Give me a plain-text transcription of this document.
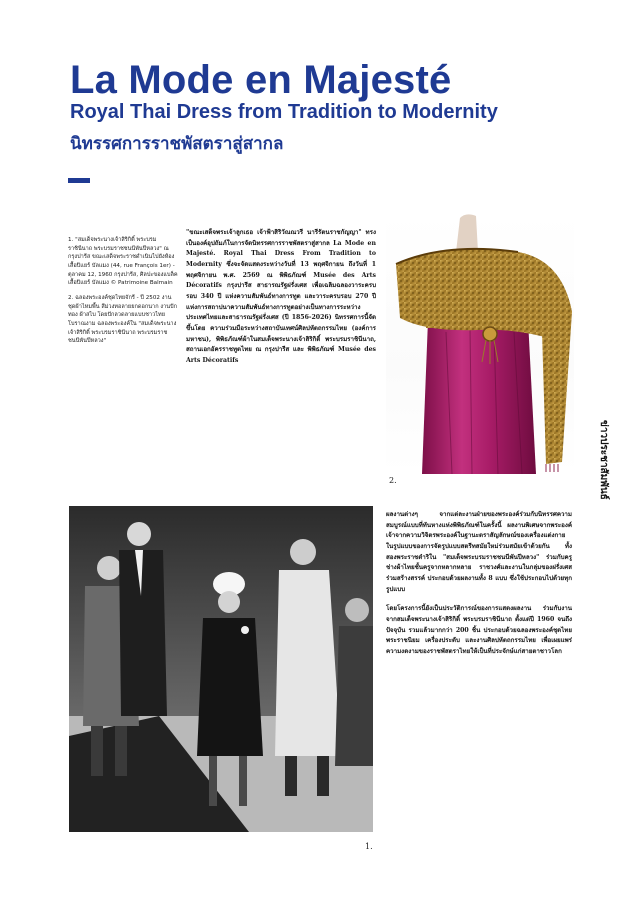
La Mode en Majesté
Royal Thai Dress from Tradition to Modernity
นิทรรศการราชพัสตราสู่สากล

1. "สมเด็จพระนางเจ้าสิริกิติ์ พระบรมราชินีนาถ พระบรมราชชนนีพันปีหลวง" ณ กรุงปารีส ขณะเสด็จพระราชดำเนินไปยังห้องเสื้อปิแยร์ บัลแมง (44, rue François 1er) - ตุลาคม 12, 1960 กรุงปารีส, ศิลปะของแบล็คเสื้อปิแยร์ บัลแมง © Patrimoine Balmain

2. ฉลองพระองค์ชุดไทยจักรี - ปี 2502 งานชุดผ้าไหมพื้น สีม่วงทอลายยกดอกนาก งานปักทอง ผ้าสไบ โดยปักลวดลายแบบชาวไทยโบราณงาม ฉลองพระองค์ใน "สมเด็จพระนางเจ้าสิริกิติ์ พระบรมราชินีนาถ พระบรมราชชนนีพันปีหลวง"

"ขณะเสด็จพระเจ้าลูกเธอ เจ้าฟ้าสิริวัณณวรี นารีรัตนราชกัญญา" ทรงเป็นองค์อุปถัมภ์ในการจัดนิทรรศการราชพัสตราสู่สากล La Mode en Majesté. Royal Thai Dress From Tradition to Modernity ซึ่งจะจัดแสดงระหว่างวันที่ 13 พฤศจิกายน ถึงวันที่ 1 พฤศจิกายน พ.ศ. 2569 ณ พิพิธภัณฑ์ Musée des Arts Décoratifs กรุงปารีส สาธารณรัฐฝรั่งเศส เพื่อเฉลิมฉลองวาระครบรอบ 340 ปี แห่งความสัมพันธ์ทางการทูต และวาระครบรอบ 270 ปี แห่งการสถาปนาความสัมพันธ์ทางการทูตอย่างเป็นทางการระหว่างประเทศไทยและสาธารณรัฐฝรั่งเศส (ปี 1856-2026) นิทรรศการนี้จัดขึ้นโดย ความร่วมมือระหว่างสถาบันเทศน์ศิลปหัตถกรรมไทย (องค์การมหาชน), พิพิธภัณฑ์ผ้าในสมเด็จพระนางเจ้าสิริกิติ์ พระบรมราชินีนาถ, สถานเอกอัครราชทูตไทย ณ กรุงปารีส และ พิพิธภัณฑ์ Musée des Arts Décoratifs

2.	ข่าวประชาสัมพันธ์
1.

ผลงานต่างๆ จากแต่ละงานฝ่ายของพระองค์ร่วมกับนิทรรศความสมบูรณ์แบบที่ทันหางแห่งพิพิธภัณฑ์ในครั้งนี้ ผลงานพิเศษจากพระองค์เจ้าจากความวิจิตรพระองค์ในฐานะตราสัญลักษณ์ของเครื่องแต่งกายในรูปแบบของการจัดรูปแบบสตรีทสมัยใหม่ร่วมสมัยเข้าด้วยกัน ทั้งสองพระราชดำริใน "สมเด็จพระบรมราชชนนีพันปีหลวง" ร่วมกับครูช่างผ้าไทยชั้นครูจากหลากหลาย ราชวงศ์และงานในกลุ่มของฝรั่งเศสร่วมสร้างสรรค์ ประกอบด้วยผลงานทั้ง 8 แบบ ซึ่งใช้ประกอบไปด้วยทุกรูปแบบ

โดยโครงการนี้ยังเป็นประวัติการณ์ของการแสดงผลงาน ร่วมกับงานจากสมเด็จพระนางเจ้าสิริกิติ์ พระบรมราชินีนาถ ตั้งแต่ปี 1960 จนถึงปัจจุบัน รวมแล้วมากกว่า 200 ชิ้น ประกอบด้วยฉลองพระองค์ชุดไทยพระราชนิยม เครื่องประดับ และงานศิลปหัตถกรรมไทย เพื่อเผยแพร่ความงดงามของราชพัสตราไทยให้เป็นที่ประจักษ์แก่สายตาชาวโลก
